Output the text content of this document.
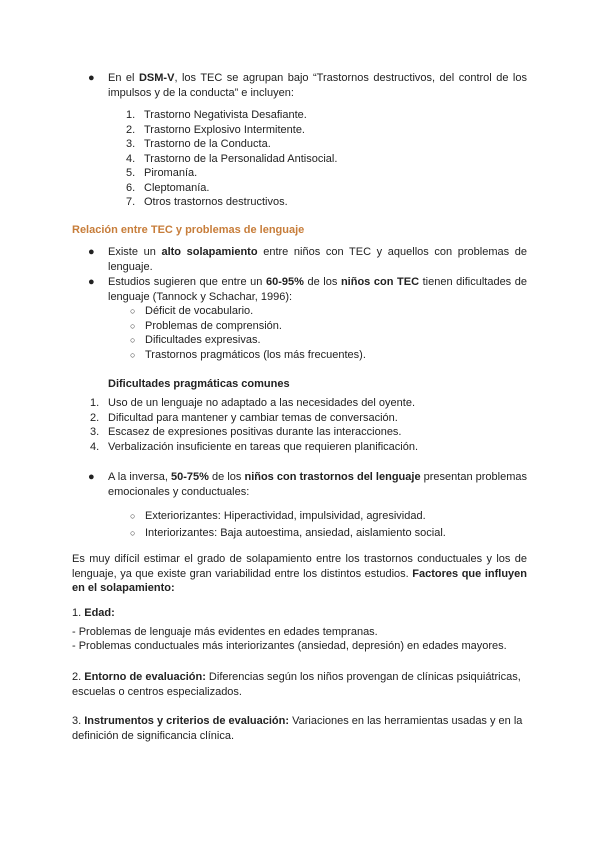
● En el DSM-V, los TEC se agrupan bajo “Trastornos destructivos, del control de los impulsos y de la conducta” e incluyen:
1. Trastorno Negativista Desafiante.
2. Trastorno Explosivo Intermitente.
3. Trastorno de la Conducta.
4. Trastorno de la Personalidad Antisocial.
5. Piromanía.
6. Cleptomanía.
7. Otros trastornos destructivos.
Relación entre TEC y problemas de lenguaje
● Existe un alto solapamiento entre niños con TEC y aquellos con problemas de lenguaje.
● Estudios sugieren que entre un 60-95% de los niños con TEC tienen dificultades de lenguaje (Tannock y Schachar, 1996):
○ Déficit de vocabulario.
○ Problemas de comprensión.
○ Dificultades expresivas.
○ Trastornos pragmáticos (los más frecuentes).
Dificultades pragmáticas comunes
1. Uso de un lenguaje no adaptado a las necesidades del oyente.
2. Dificultad para mantener y cambiar temas de conversación.
3. Escasez de expresiones positivas durante las interacciones.
4. Verbalización insuficiente en tareas que requieren planificación.
● A la inversa, 50-75% de los niños con trastornos del lenguaje presentan problemas emocionales y conductuales:
○ Exteriorizantes: Hiperactividad, impulsividad, agresividad.
○ Interiorizantes: Baja autoestima, ansiedad, aislamiento social.

Es muy difícil estimar el grado de solapamiento entre los trastornos conductuales y los de lenguaje, ya que existe gran variabilidad entre los distintos estudios. Factores que influyen en el solapamiento:

1. Edad:

- Problemas de lenguaje más evidentes en edades tempranas.

- Problemas conductuales más interiorizantes (ansiedad, depresión) en edades mayores.

2. Entorno de evaluación: Diferencias según los niños provengan de clínicas psiquiátricas, escuelas o centros especializados.

3. Instrumentos y criterios de evaluación: Variaciones en las herramientas usadas y en la definición de significancia clínica.
